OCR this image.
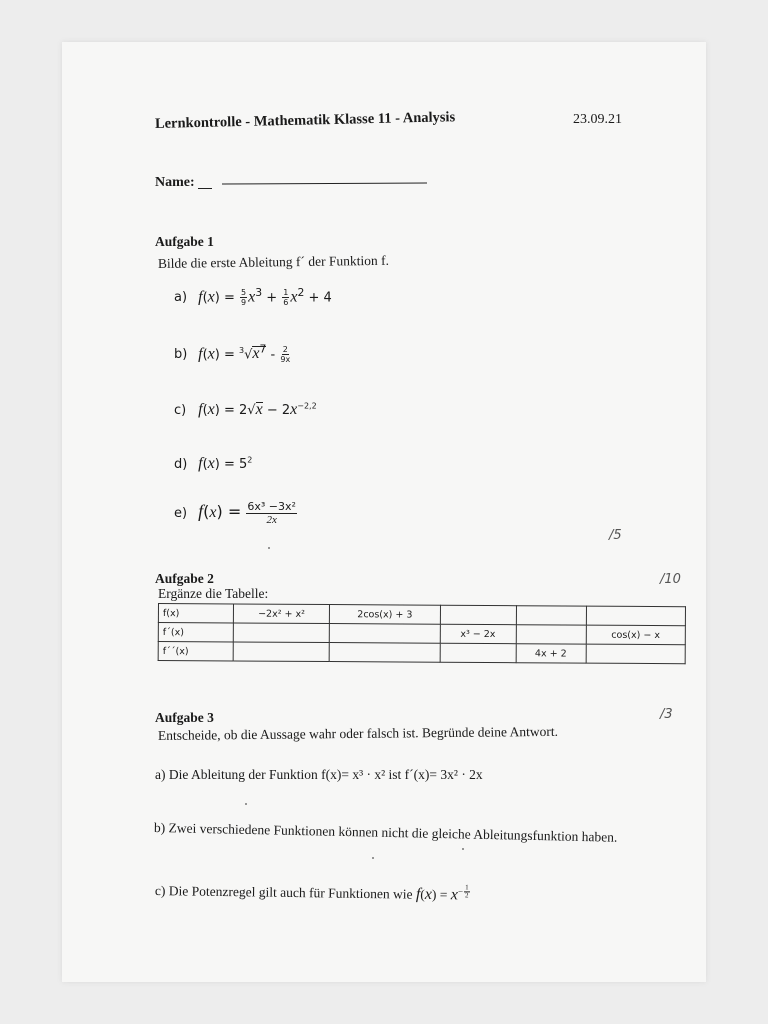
Lernkontrolle - Mathematik Klasse 11 - Analysis	23.09.21
Name:
Aufgabe 1
Bilde die erste Ableitung f´ der Funktion f.
a) $f(x) = \frac{5}{9} x^3 + \frac{1}{6} x^2 + 4$
b) $f(x) = ^3√x^7 - \frac{2}{9x}$
c) $f(x) = 2√x - 2x^{-2,2}$
d) $f(x) = 5^2$
e) $f(x) = \frac{\text{6x³ −3x²}}{2x}$
/5
Aufgabe 2
Ergänze die Tabelle:
/10
f(x)	−2x² + x²	2cos(x) + 3			
f´(x)			x³ − 2x		cos(x) − x
f´´(x)				4x + 2	
Aufgabe 3
Entscheide, ob die Aussage wahr oder falsch ist. Begründe deine Antwort.
/3
a) Die Ableitung der Funktion f(x)= x³ · x² ist f´(x)= 3x² · 2x
b) Zwei verschiedene Funktionen können nicht die gleiche Ableitungsfunktion haben.
c) Die Potenzregel gilt auch für Funktionen wie $f(x) = x^{- \frac{1}{2}}$
